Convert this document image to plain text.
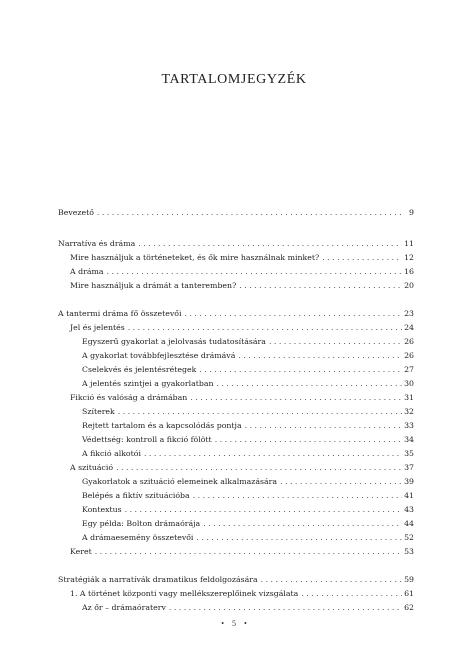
TARTALOMJEGYZÉK
Bevezető . . .	9
Narratíva és dráma . . .	11
Mire használjuk a történeteket, és ők mire használnak minket? . . .	12
A dráma . . .	16
Mire használjuk a drámát a tanteremben? . . .	20
A tantermi dráma fő összetevői . . .	23
Jel és jelentés . . .	24
Egyszerű gyakorlat a jelolvasás tudatosítására . . .	26
A gyakorlat továbbfejlesztése drámává . . .	26
Cselekvés és jelentésrétegek . . .	27
A jelentés szintjei a gyakorlatban . . .	30
Fikció és valóság a drámában . . .	31
Szíterek . . .	32
Rejtett tartalom és a kapcsolódás pontja . . .	33
Védettség: kontroll a fikció fölött . . .	34
A fikció alkotói . . .	35
A szituáció . . .	37
Gyakorlatok a szituáció elemeinek alkalmazására . . .	39
Belépés a fiktív szituációba . . .	41
Kontextus . . .	43
Egy példa: Bolton drámaórája . . .	44
A drámaesemény összetevői . . .	52
Keret . . .	53
Stratégiák a narratívák dramatikus feldolgozására . . .	59
1. A történet központi vagy mellékszereplőinek vizsgálata . . .	61
Az őr – drámaóraterv . . .	62
• 5 •
